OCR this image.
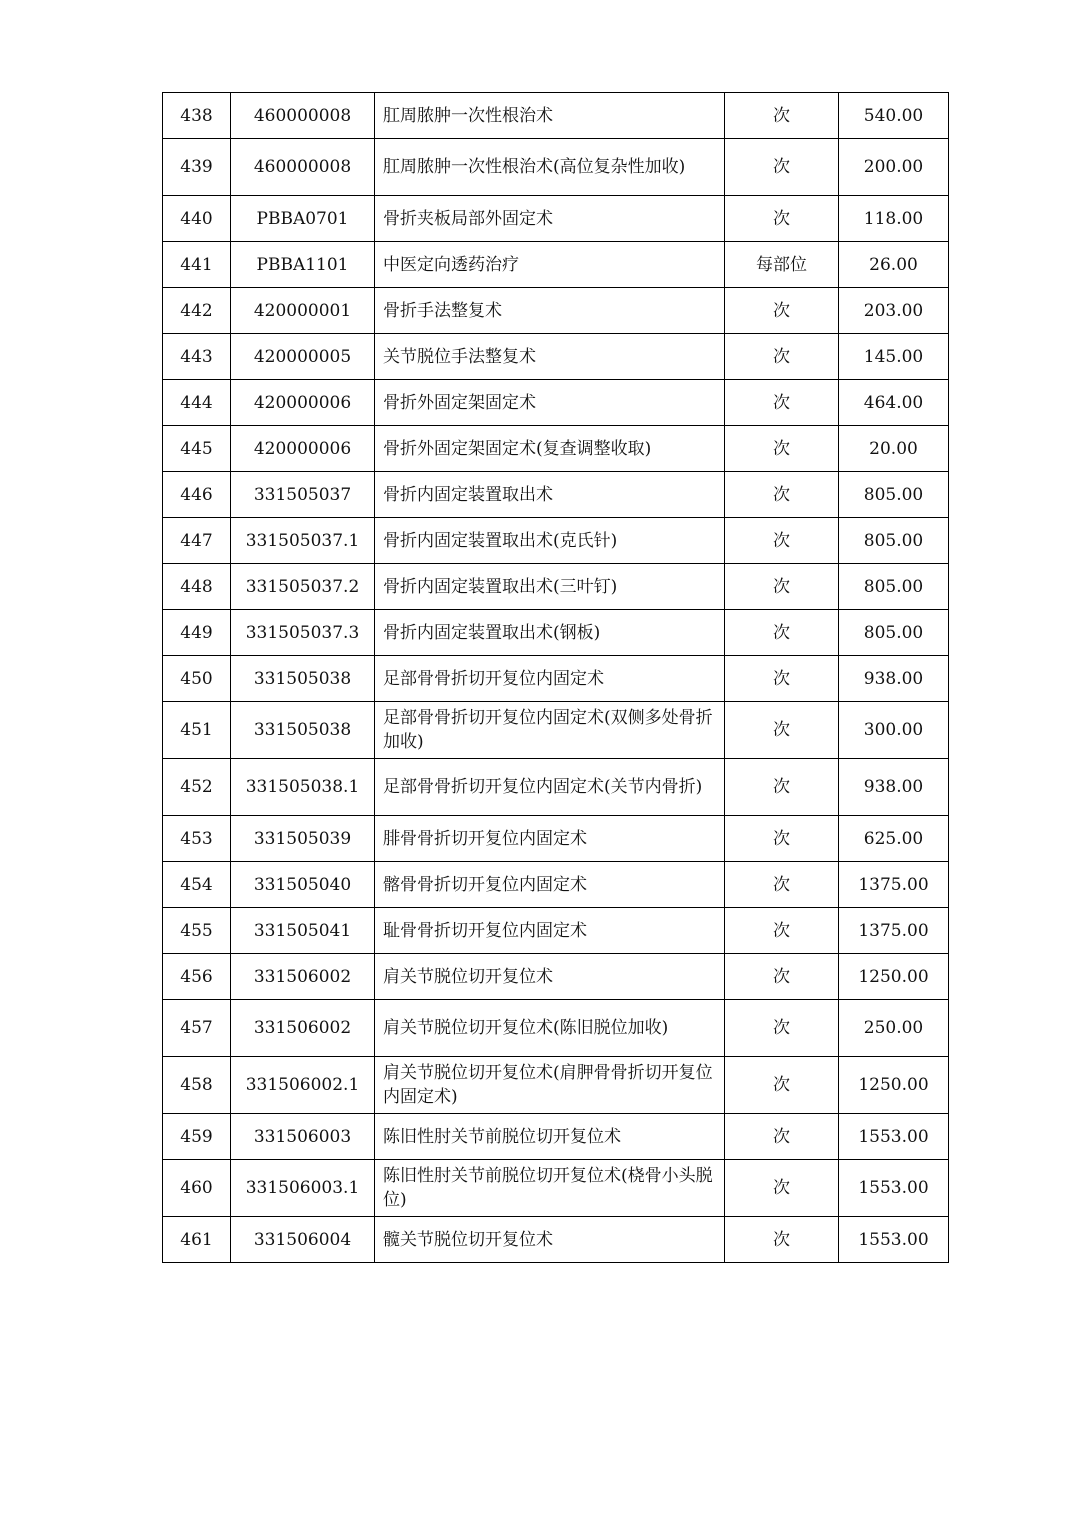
438	460000008	肛周脓肿一次性根治术	次	540.00
439	460000008	肛周脓肿一次性根治术(高位复杂性加收)	次	200.00
440	PBBA0701	骨折夹板局部外固定术	次	118.00
441	PBBA1101	中医定向透药治疗	每部位	26.00
442	420000001	骨折手法整复术	次	203.00
443	420000005	关节脱位手法整复术	次	145.00
444	420000006	骨折外固定架固定术	次	464.00
445	420000006	骨折外固定架固定术(复查调整收取)	次	20.00
446	331505037	骨折内固定装置取出术	次	805.00
447	331505037.1	骨折内固定装置取出术(克氏针)	次	805.00
448	331505037.2	骨折内固定装置取出术(三叶钉)	次	805.00
449	331505037.3	骨折内固定装置取出术(钢板)	次	805.00
450	331505038	足部骨骨折切开复位内固定术	次	938.00
451	331505038	足部骨骨折切开复位内固定术(双侧多处骨折加收)	次	300.00
452	331505038.1	足部骨骨折切开复位内固定术(关节内骨折)	次	938.00
453	331505039	腓骨骨折切开复位内固定术	次	625.00
454	331505040	髂骨骨折切开复位内固定术	次	1375.00
455	331505041	耻骨骨折切开复位内固定术	次	1375.00
456	331506002	肩关节脱位切开复位术	次	1250.00
457	331506002	肩关节脱位切开复位术(陈旧脱位加收)	次	250.00
458	331506002.1	肩关节脱位切开复位术(肩胛骨骨折切开复位内固定术)	次	1250.00
459	331506003	陈旧性肘关节前脱位切开复位术	次	1553.00
460	331506003.1	陈旧性肘关节前脱位切开复位术(桡骨小头脱位)	次	1553.00
461	331506004	髋关节脱位切开复位术	次	1553.00
